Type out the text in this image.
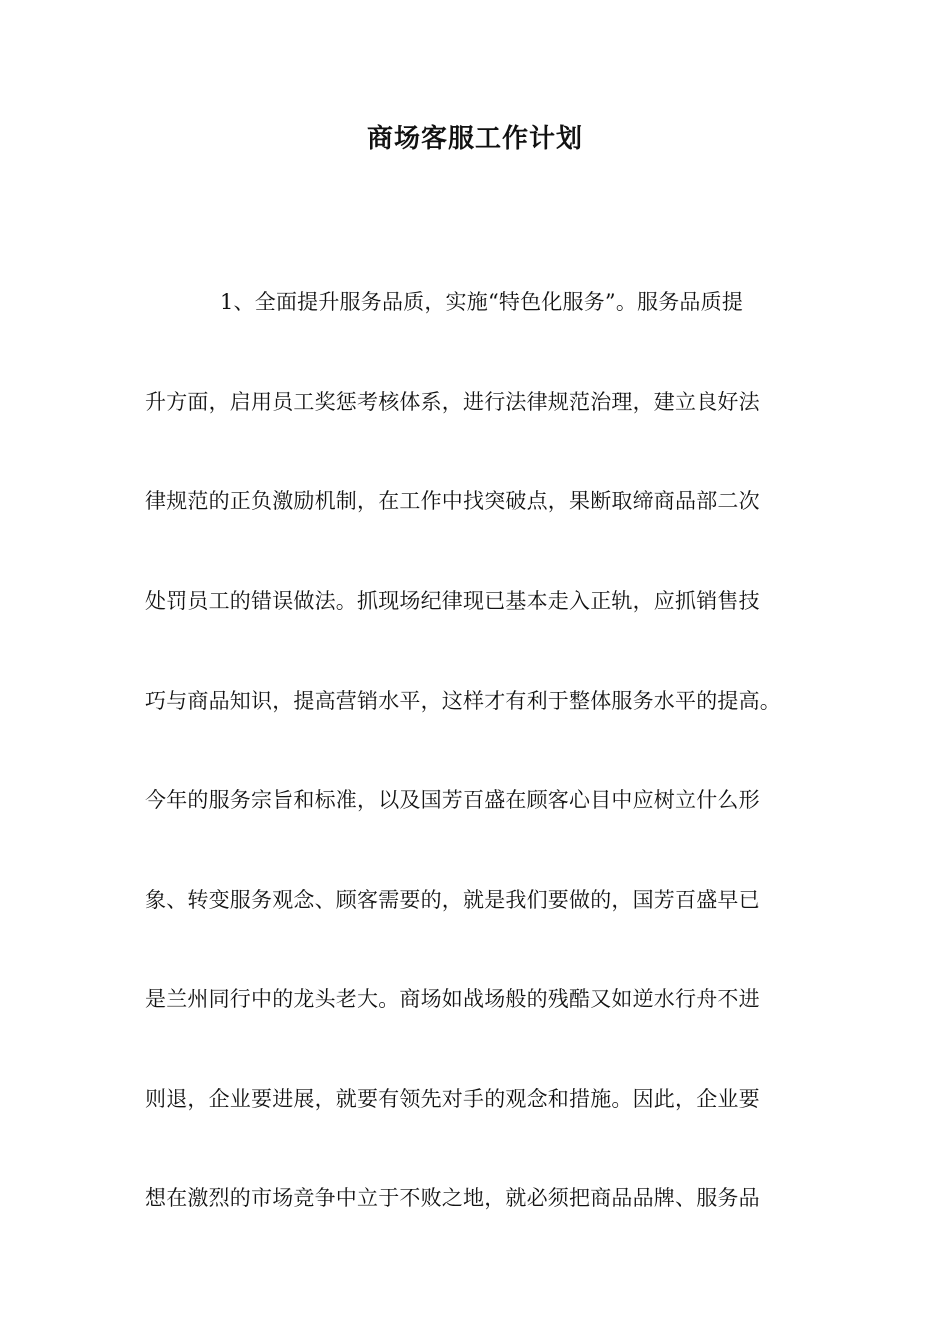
商场客服工作计划
1、全面提升服务品质，实施“特色化服务”。服务品质提
升方面，启用员工奖惩考核体系，进行法律规范治理，建立良好法
律规范的正负激励机制，在工作中找突破点，果断取缔商品部二次
处罚员工的错误做法。抓现场纪律现已基本走入正轨，应抓销售技
巧与商品知识，提高营销水平，这样才有利于整体服务水平的提高。
今年的服务宗旨和标准，以及国芳百盛在顾客心目中应树立什么形
象、转变服务观念、顾客需要的，就是我们要做的，国芳百盛早已
是兰州同行中的龙头老大。商场如战场般的残酷又如逆水行舟不进
则退，企业要进展，就要有领先对手的观念和措施。因此，企业要
想在激烈的市场竞争中立于不败之地，就必须把商品品牌、服务品
